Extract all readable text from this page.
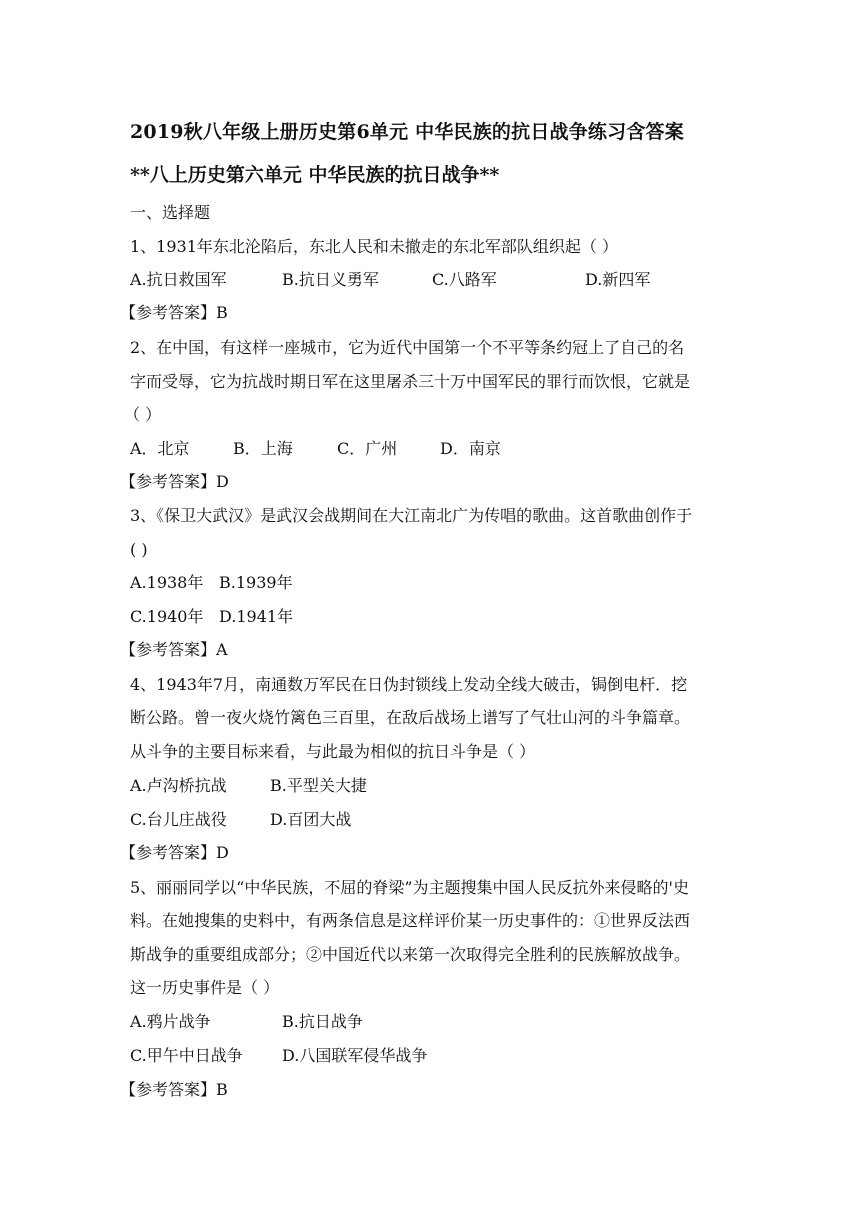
2019秋八年级上册历史第6单元 中华民族的抗日战争练习含答案
**八上历史第六单元 中华民族的抗日战争**
一、选择题
1、1931年东北沦陷后，东北人民和未撤走的东北军部队组织起（ ）
A.抗日救国军	B.抗日义勇军	C.八路军	D.新四军
【参考答案】B
2、在中国，有这样一座城市，它为近代中国第一个不平等条约冠上了自己的名
字而受辱，它为抗战时期日军在这里屠杀三十万中国军民的罪行而饮恨，它就是
（ ）
A．北京	B．上海	C．广州	D．南京
【参考答案】D
3、《保卫大武汉》是武汉会战期间在大江南北广为传唱的歌曲。这首歌曲创作于
( )
A.1938年 B.1939年
C.1940年 D.1941年
【参考答案】A
4、1943年7月，南通数万军民在日伪封锁线上发动全线大破击，锔倒电杆．挖
断公路。曾一夜火烧竹篱色三百里，在敌后战场上谱写了气壮山河的斗争篇章。
从斗争的主要目标来看，与此最为相似的抗日斗争是（ ）
A.卢沟桥抗战	B.平型关大捷
C.台儿庄战役	D.百团大战
【参考答案】D
5、丽丽同学以“中华民族，不屈的脊梁”为主题搜集中国人民反抗外来侵略的'史
料。在她搜集的史料中，有两条信息是这样评价某一历史事件的：①世界反法西
斯战争的重要组成部分；②中国近代以来第一次取得完全胜利的民族解放战争。
这一历史事件是（ ）
A.鸦片战争	B.抗日战争
C.甲午中日战争 D.八国联军侵华战争
【参考答案】B
